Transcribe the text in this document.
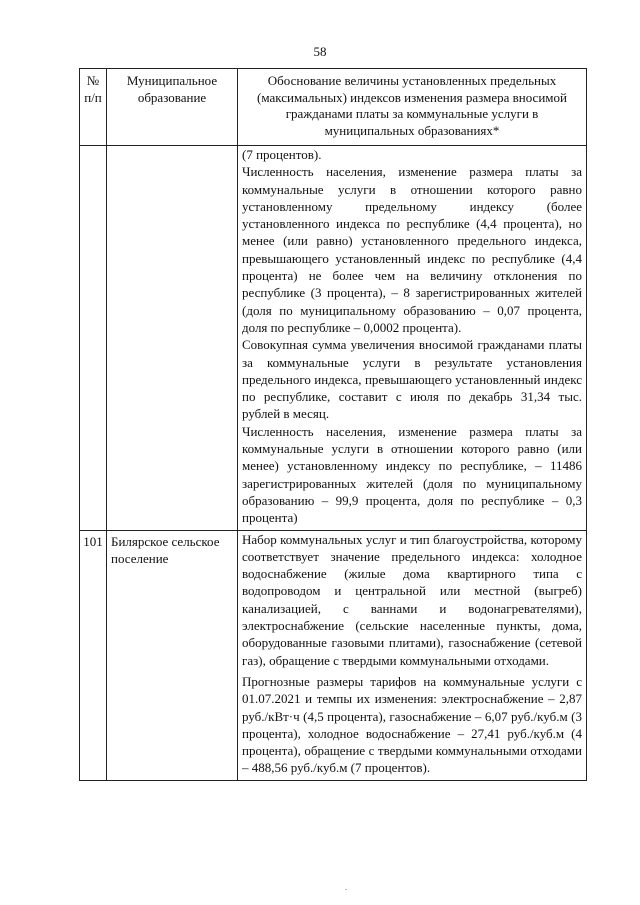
58
№ п/п	Муниципальное образование	Обоснование величины установленных предельных (максимальных) индексов изменения размера вносимой гражданами платы за коммунальные услуги в муниципальных образованиях*

		(7 процентов).

Численность населения, изменение размера платы за коммунальные услуги в отношении которого равно установленному предельному индексу (более установленного индекса по республике (4,4 процента), но менее (или равно) установленного предельного индекса, превышающего установленный индекс по республике (4,4 процента) не более чем на величину отклонения по республике (3 процента), – 8 зарегистрированных жителей (доля по муниципальному образованию – 0,07 процента, доля по республике – 0,0002 процента).

Совокупная сумма увеличения вносимой гражданами платы за коммунальные услуги в результате установления предельного индекса, превышающего установленный индекс по республике, составит с июля по декабрь 31,34 тыс. рублей в месяц.

Численность населения, изменение размера платы за коммунальные услуги в отношении которого равно (или менее) установленному индексу по республике, – 11486 зарегистрированных жителей (доля по муниципальному образованию – 99,9 процента, доля по республике – 0,3 процента)

101	Билярское сельское поселение	Набор коммунальных услуг и тип благоустройства, которому соответствует значение предельного индекса: холодное водоснабжение (жилые дома квартирного типа с водопроводом и центральной или местной (выгреб) канализацией, с ваннами и водонагревателями), электроснабжение (сельские населенные пункты, дома, оборудованные газовыми плитами), газоснабжение (сетевой газ), обращение с твердыми коммунальными отходами.

Прогнозные размеры тарифов на коммунальные услуги с 01.07.2021 и темпы их изменения: электроснабжение – 2,87 руб./кВт·ч (4,5 процента), газоснабжение – 6,07 руб./куб.м (3 процента), холодное водоснабжение – 27,41 руб./куб.м (4 процента), обращение с твердыми коммунальными отходами – 488,56 руб./куб.м (7 процентов).

.
